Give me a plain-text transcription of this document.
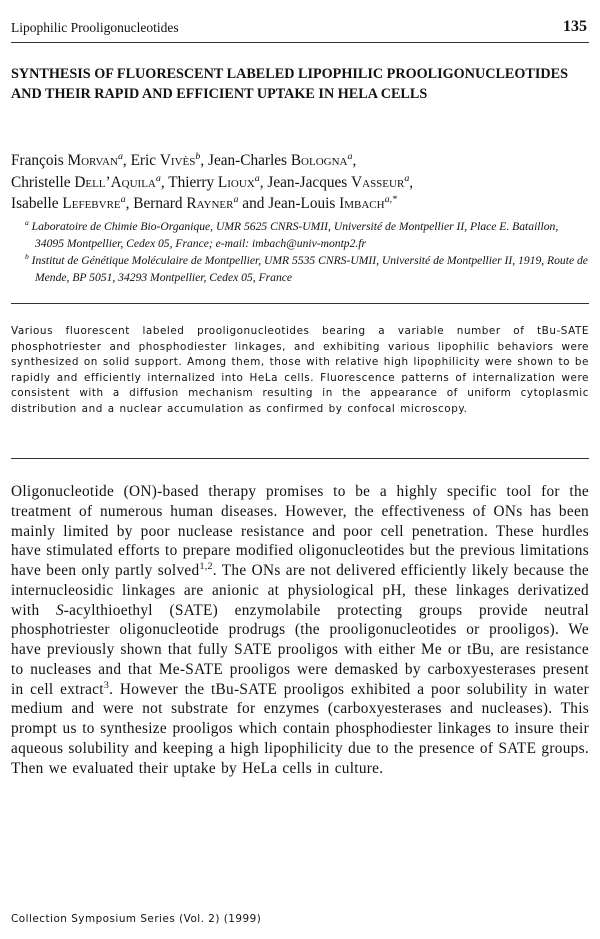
Lipophilic Prooligonucleotides	135
SYNTHESIS OF FLUORESCENT LABELED LIPOPHILIC PROOLIGONUCLEOTIDES AND THEIR RAPID AND EFFICIENT UPTAKE IN HELA CELLS
François Morvan$^a$, Eric Vivès$^b$, Jean-Charles Bologna$^a$,
Christelle Dell’Aquila$^a$, Thierry Lioux$^a$, Jean-Jacques Vasseur$^a$,
Isabelle Lefebvre$^a$, Bernard Rayner$^a$ and Jean-Louis Imbach$^{a,*}$
$^a$ Laboratoire de Chimie Bio-Organique, UMR 5625 CNRS-UMII, Université de Montpellier II, Place E. Bataillon, 34095 Montpellier, Cedex 05, France; e-mail: imbach@univ-montp2.fr
$^b$ Institut de Génétique Moléculaire de Montpellier, UMR 5535 CNRS-UMII, Université de Montpellier II, 1919, Route de Mende, BP 5051, 34293 Montpellier, Cedex 05, France

Various fluorescent labeled prooligonucleotides bearing a variable number of tBu-SATE phosphotriester and phosphodiester linkages, and exhibiting various lipophilic behaviors were synthesized on solid support. Among them, those with relative high lipophilicity were shown to be rapidly and efficiently internalized into HeLa cells. Fluorescence patterns of internalization were consistent with a diffusion mechanism resulting in the appearance of uniform cytoplasmic distribution and a nuclear accumulation as confirmed by confocal microscopy.

Oligonucleotide (ON)-based therapy promises to be a highly specific tool for the treatment of numerous human diseases. However, the effectiveness of ONs has been mainly limited by poor nuclease resistance and poor cell penetration. These hurdles have stimulated efforts to prepare modified oligonucleotides but the previous limitations have been only partly solved$^{1,2}$. The ONs are not delivered efficiently likely because the internucleosidic linkages are anionic at physiological pH, these linkages derivatized with S-acylthioethyl (SATE) enzymolabile protecting groups provide neutral phosphotriester oligonucleotide prodrugs (the prooligonucleotides or prooligos). We have previously shown that fully SATE prooligos with either Me or tBu, are resistance to nucleases and that Me-SATE prooligos were demasked by carboxyesterases present in cell extract$^3$. However the tBu-SATE prooligos exhibited a poor solubility in water medium and were not substrate for enzymes (carboxyesterases and nucleases). This prompt us to synthesize prooligos which contain phosphodiester linkages to insure their aqueous solubility and keeping a high lipophilicity due to the presence of SATE groups. Then we evaluated their uptake by HeLa cells in culture.

Collection Symposium Series (Vol. 2) (1999)
